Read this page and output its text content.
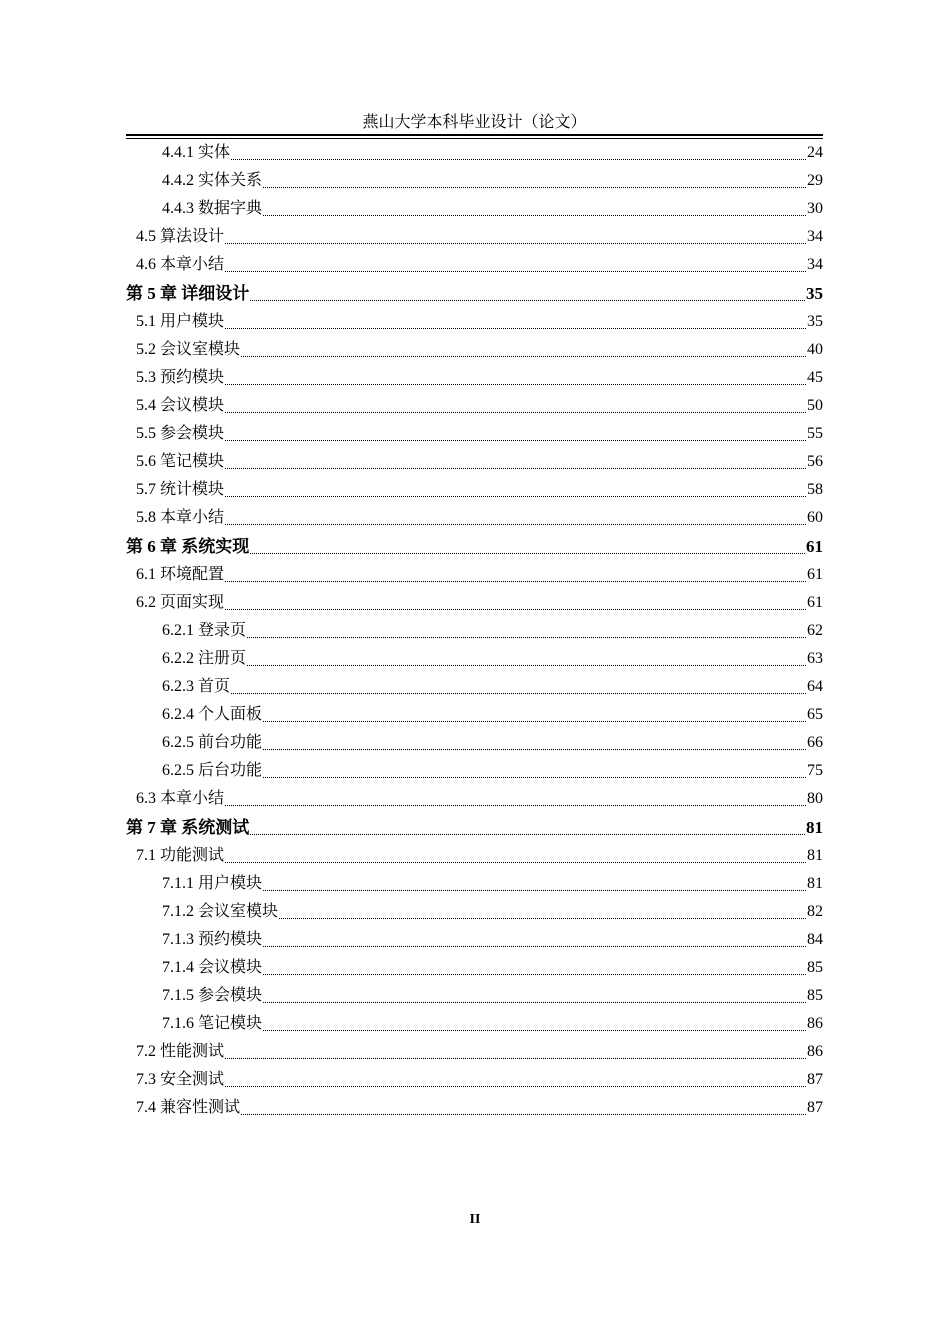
燕山大学本科毕业设计（论文）
4.4.1 实体	24
4.4.2 实体关系	29
4.4.3 数据字典	30
4.5 算法设计	34
4.6 本章小结	34
第 5 章 详细设计	35
5.1 用户模块	35
5.2 会议室模块	40
5.3 预约模块	45
5.4 会议模块	50
5.5 参会模块	55
5.6 笔记模块	56
5.7 统计模块	58
5.8 本章小结	60
第 6 章 系统实现	61
6.1 环境配置	61
6.2 页面实现	61
6.2.1 登录页	62
6.2.2 注册页	63
6.2.3 首页	64
6.2.4 个人面板	65
6.2.5 前台功能	66
6.2.5 后台功能	75
6.3 本章小结	80
第 7 章 系统测试	81
7.1 功能测试	81
7.1.1 用户模块	81
7.1.2 会议室模块	82
7.1.3 预约模块	84
7.1.4 会议模块	85
7.1.5 参会模块	85
7.1.6 笔记模块	86
7.2 性能测试	86
7.3 安全测试	87
7.4 兼容性测试	87
II
